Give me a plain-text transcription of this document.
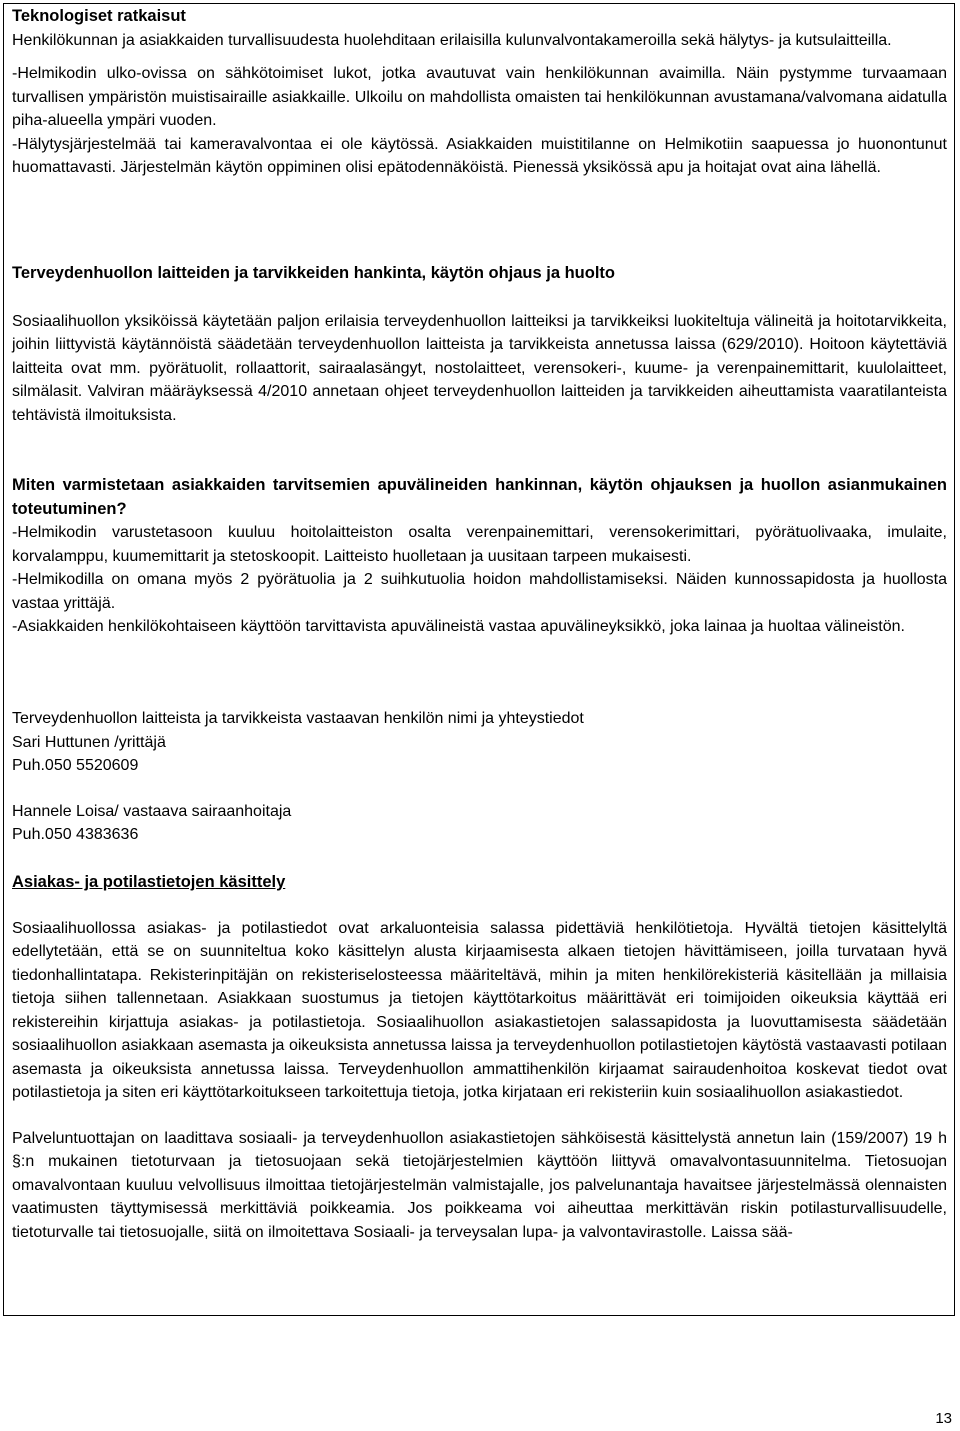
Teknologiset ratkaisut

Henkilökunnan ja asiakkaiden turvallisuudesta huolehditaan erilaisilla kulunvalvontakameroilla sekä hälytys- ja kutsulaitteilla.

-Helmikodin ulko-ovissa on sähkötoimiset lukot, jotka avautuvat vain henkilökunnan avaimilla. Näin pystymme turvaamaan turvallisen ympäristön muistisairaille asiakkaille. Ulkoilu on mahdollista omaisten tai henkilökunnan avustamana/valvomana aidatulla piha-alueella ympäri vuoden.

-Hälytysjärjestelmää tai kameravalvontaa ei ole käytössä. Asiakkaiden muistitilanne on Helmikotiin saapuessa jo huonontunut huomattavasti. Järjestelmän käytön oppiminen olisi epätodennäköistä. Pienessä yksikössä apu ja hoitajat ovat aina lähellä.

Terveydenhuollon laitteiden ja tarvikkeiden hankinta, käytön ohjaus ja huolto

Sosiaalihuollon yksiköissä käytetään paljon erilaisia terveydenhuollon laitteiksi ja tarvikkeiksi luokiteltuja välineitä ja hoitotarvikkeita, joihin liittyvistä käytännöistä säädetään terveydenhuollon laitteista ja tarvikkeista annetussa laissa (629/2010). Hoitoon käytettäviä laitteita ovat mm. pyörätuolit, rollaattorit, sairaalasängyt, nostolaitteet, verensokeri-, kuume- ja verenpainemittarit, kuulolaitteet, silmälasit. Valviran määräyksessä 4/2010 annetaan ohjeet terveydenhuollon laitteiden ja tarvikkeiden aiheuttamista vaaratilanteista tehtävistä ilmoituksista.

Miten varmistetaan asiakkaiden tarvitsemien apuvälineiden hankinnan, käytön ohjauksen ja huollon asianmukainen toteutuminen?

-Helmikodin varustetasoon kuuluu hoitolaitteiston osalta verenpainemittari, verensokerimittari, pyörätuolivaaka, imulaite, korvalamppu, kuumemittarit ja stetoskoopit. Laitteisto huolletaan ja uusitaan tarpeen mukaisesti.

-Helmikodilla on omana myös 2 pyörätuolia ja 2 suihkutuolia hoidon mahdollistamiseksi. Näiden kunnossapidosta ja huollosta vastaa yrittäjä.

-Asiakkaiden henkilökohtaiseen käyttöön tarvittavista apuvälineistä vastaa apuvälineyksikkö, joka lainaa ja huoltaa välineistön.

Terveydenhuollon laitteista ja tarvikkeista vastaavan henkilön nimi ja yhteystiedot

Sari Huttunen /yrittäjä

Puh.050 5520609

Hannele Loisa/ vastaava sairaanhoitaja

Puh.050 4383636

Asiakas- ja potilastietojen käsittely

Sosiaalihuollossa asiakas- ja potilastiedot ovat arkaluonteisia salassa pidettäviä henkilötietoja. Hyvältä tietojen käsittelyltä edellytetään, että se on suunniteltua koko käsittelyn alusta kirjaamisesta alkaen tietojen hävittämiseen, joilla turvataan hyvä tiedonhallintatapa. Rekisterinpitäjän on rekisteriselosteessa määriteltävä, mihin ja miten henkilörekisteriä käsitellään ja millaisia tietoja siihen tallennetaan. Asiakkaan suostumus ja tietojen käyttötarkoitus määrittävät eri toimijoiden oikeuksia käyttää eri rekistereihin kirjattuja asiakas- ja potilastietoja. Sosiaalihuollon asiakastietojen salassapidosta ja luovuttamisesta säädetään sosiaalihuollon asiakkaan asemasta ja oikeuksista annetussa laissa ja terveydenhuollon potilastietojen käytöstä vastaavasti potilaan asemasta ja oikeuksista annetussa laissa. Terveydenhuollon ammattihenkilön kirjaamat sairaudenhoitoa koskevat tiedot ovat potilastietoja ja siten eri käyttötarkoitukseen tarkoitettuja tietoja, jotka kirjataan eri rekisteriin kuin sosiaalihuollon asiakastiedot.

Palveluntuottajan on laadittava sosiaali- ja terveydenhuollon asiakastietojen sähköisestä käsittelystä annetun lain (159/2007) 19 h §:n mukainen tietoturvaan ja tietosuojaan sekä tietojärjestelmien käyttöön liittyvä omavalvontasuunnitelma. Tietosuojan omavalvontaan kuuluu velvollisuus ilmoittaa tietojärjestelmän valmistajalle, jos palvelunantaja havaitsee järjestelmässä olennaisten vaatimusten täyttymisessä merkittäviä poikkeamia. Jos poikkeama voi aiheuttaa merkittävän riskin potilasturvallisuudelle, tietoturvalle tai tietosuojalle, siitä on ilmoitettava Sosiaali- ja terveysalan lupa- ja valvontavirastolle. Laissa sää-

13
